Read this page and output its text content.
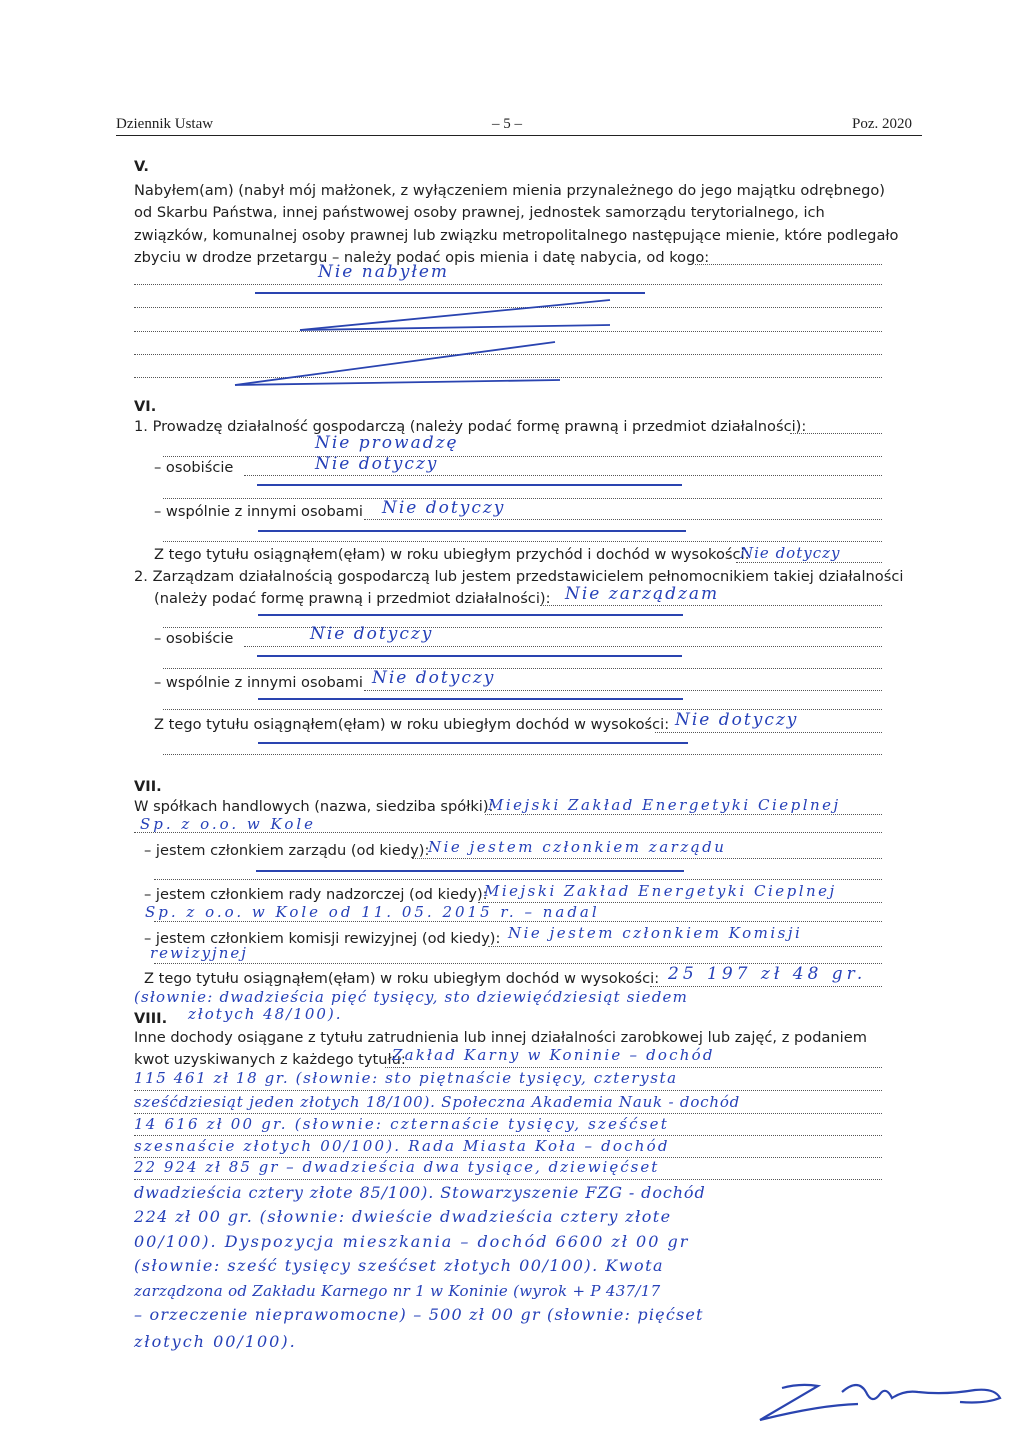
Dziennik Ustaw	– 5 –	Poz. 2020
V.
Nabyłem(am) (nabył mój małżonek, z wyłączeniem mienia przynależnego do jego majątku odrębnego)
od Skarbu Państwa, innej państwowej osoby prawnej, jednostek samorządu terytorialnego, ich
związków, komunalnej osoby prawnej lub związku metropolitalnego następujące mienie, które podlegało
zbyciu w drodze przetargu – należy podać opis mienia i datę nabycia, od kogo:
Nie nabyłem
VI.
1. Prowadzę działalność gospodarczą (należy podać formę prawną i przedmiot działalności):
Nie prowadzę
– osobiście	Nie dotyczy
– wspólnie z innymi osobami Nie dotyczy
Z tego tytułu osiągnąłem(ęłam) w roku ubiegłym przychód i dochód w wysokości:
Nie dotyczy
2. Zarządzam działalnością gospodarczą lub jestem przedstawicielem pełnomocnikiem takiej działalności
(należy podać formę prawną i przedmiot działalności): Nie zarządzam
– osobiście	Nie dotyczy
– wspólnie z innymi osobami Nie dotyczy
Z tego tytułu osiągnąłem(ęłam) w roku ubiegłym dochód w wysokości: Nie dotyczy
VII.
W spółkach handlowych (nazwa, siedziba spółki):
Miejski Zakład Energetyki Cieplnej
Sp. z o.o. w Kole
– jestem członkiem zarządu (od kiedy):
Nie jestem członkiem zarządu
– jestem członkiem rady nadzorczej (od kiedy):
Miejski Zakład Energetyki Cieplnej
Sp. z o.o. w Kole od 11. 05. 2015 r. – nadal
– jestem członkiem komisji rewizyjnej (od kiedy): Nie jestem członkiem Komisji
rewizyjnej
Z tego tytułu osiągnąłem(ęłam) w roku ubiegłym dochód w wysokości: 25 197 zł 48 gr.
(słownie: dwadzieścia pięć tysięcy, sto dziewięćdziesiąt siedem
złotych 48/100).
VIII.
Inne dochody osiągane z tytułu zatrudnienia lub innej działalności zarobkowej lub zajęć, z podaniem
kwot uzyskiwanych z każdego tytułu:
Zakład Karny w Koninie – dochód
115 461 zł 18 gr. (słownie: sto piętnaście tysięcy, czterysta
sześćdziesiąt jeden złotych 18/100). Społeczna Akademia Nauk - dochód
14 616 zł 00 gr. (słownie: czternaście tysięcy, sześćset
szesnaście złotych 00/100). Rada Miasta Koła – dochód
22 924 zł 85 gr – dwadzieścia dwa tysiące, dziewięćset
dwadzieścia cztery złote 85/100). Stowarzyszenie FZG - dochód
224 zł 00 gr. (słownie: dwieście dwadzieścia cztery złote
00/100). Dyspozycja mieszkania – dochód 6600 zł 00 gr
(słownie: sześć tysięcy sześćset złotych 00/100). Kwota
zarządzona od Zakładu Karnego nr 1 w Koninie (wyrok + P 437/17
– orzeczenie nieprawomocne) – 500 zł 00 gr (słownie: pięćset
złotych 00/100).
